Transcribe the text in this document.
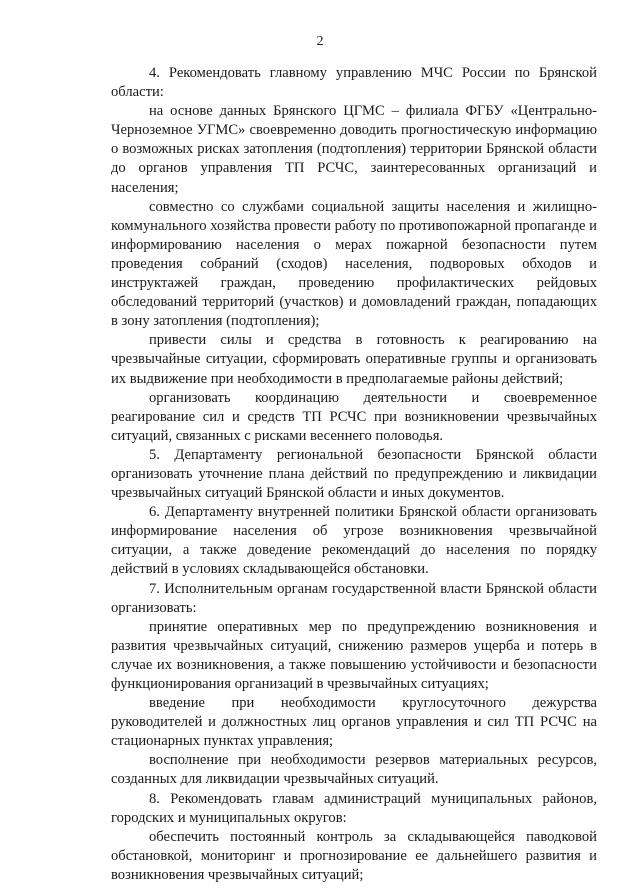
2

4. Рекомендовать главному управлению МЧС России по Брянской области:

на основе данных Брянского ЦГМС – филиала ФГБУ «Центрально-Черноземное УГМС» своевременно доводить прогностическую информацию о возможных рисках затопления (подтопления) территории Брянской области до органов управления ТП РСЧС, заинтересованных организаций и населения;

совместно со службами социальной защиты населения и жилищно-коммунального хозяйства провести работу по противопожарной пропаганде и информированию населения о мерах пожарной безопасности путем проведения собраний (сходов) населения, подворовых обходов и инструктажей граждан, проведению профилактических рейдовых обследований территорий (участков) и домовладений граждан, попадающих в зону затопления (подтопления);

привести силы и средства в готовность к реагированию на чрезвычайные ситуации, сформировать оперативные группы и организовать их выдвижение при необходимости в предполагаемые районы действий;

организовать координацию деятельности и своевременное реагирование сил и средств ТП РСЧС при возникновении чрезвычайных ситуаций, связанных с рисками весеннего половодья.

5. Департаменту региональной безопасности Брянской области организовать уточнение плана действий по предупреждению и ликвидации чрезвычайных ситуаций Брянской области и иных документов.

6. Департаменту внутренней политики Брянской области организовать информирование населения об угрозе возникновения чрезвычайной ситуации, а также доведение рекомендаций до населения по порядку действий в условиях складывающейся обстановки.

7. Исполнительным органам государственной власти Брянской области организовать:

принятие оперативных мер по предупреждению возникновения и развития чрезвычайных ситуаций, снижению размеров ущерба и потерь в случае их возникновения, а также повышению устойчивости и безопасности функционирования организаций в чрезвычайных ситуациях;

введение при необходимости круглосуточного дежурства руководителей и должностных лиц органов управления и сил ТП РСЧС на стационарных пунктах управления;

восполнение при необходимости резервов материальных ресурсов, созданных для ликвидации чрезвычайных ситуаций.

8. Рекомендовать главам администраций муниципальных районов, городских и муниципальных округов:

обеспечить постоянный контроль за складывающейся паводковой обстановкой, мониторинг и прогнозирование ее дальнейшего развития и возникновения чрезвычайных ситуаций;
